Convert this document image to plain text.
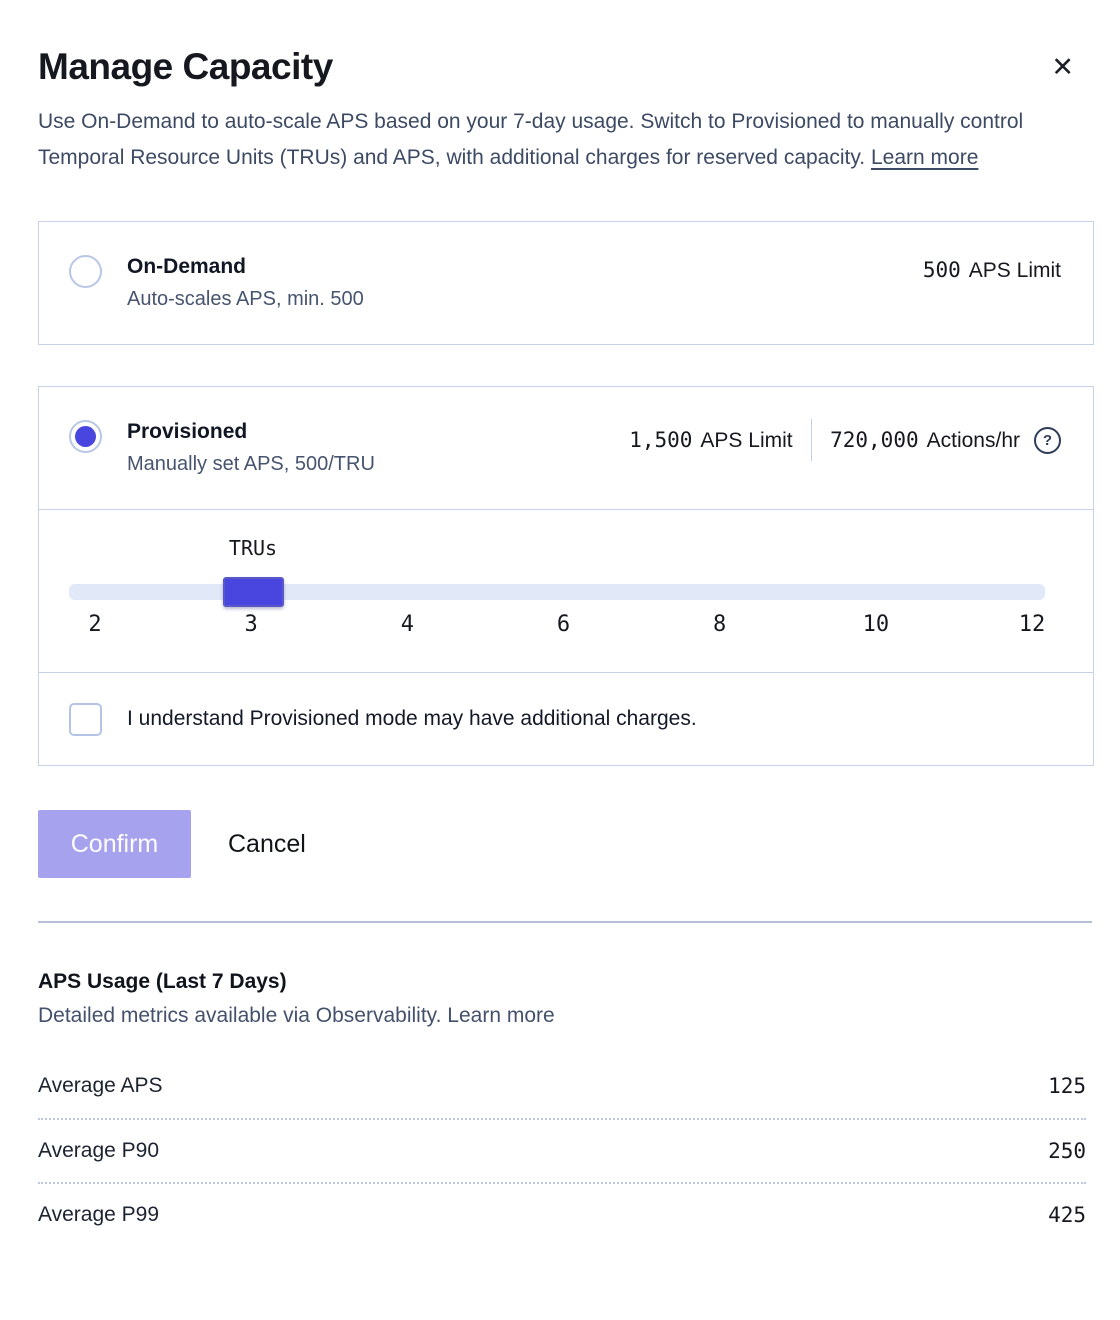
Manage Capacity	✕

Use On-Demand to auto-scale APS based on your 7-day usage. Switch to Provisioned to manually control Temporal Resource Units (TRUs) and APS, with additional charges for reserved capacity. Learn more

On-Demand
Auto-scales APS, min. 500
500 APS Limit
Provisioned
Manually set APS, 500/TRU
1,500 APS Limit 720,000 Actions/hr	?
TRUs
2	3	4	6	8	10	12
I understand Provisioned mode may have additional charges.
Confirm	Cancel
APS Usage (Last 7 Days)

Detailed metrics available via Observability. Learn more

Average APS	125
Average P90	250
Average P99	425
